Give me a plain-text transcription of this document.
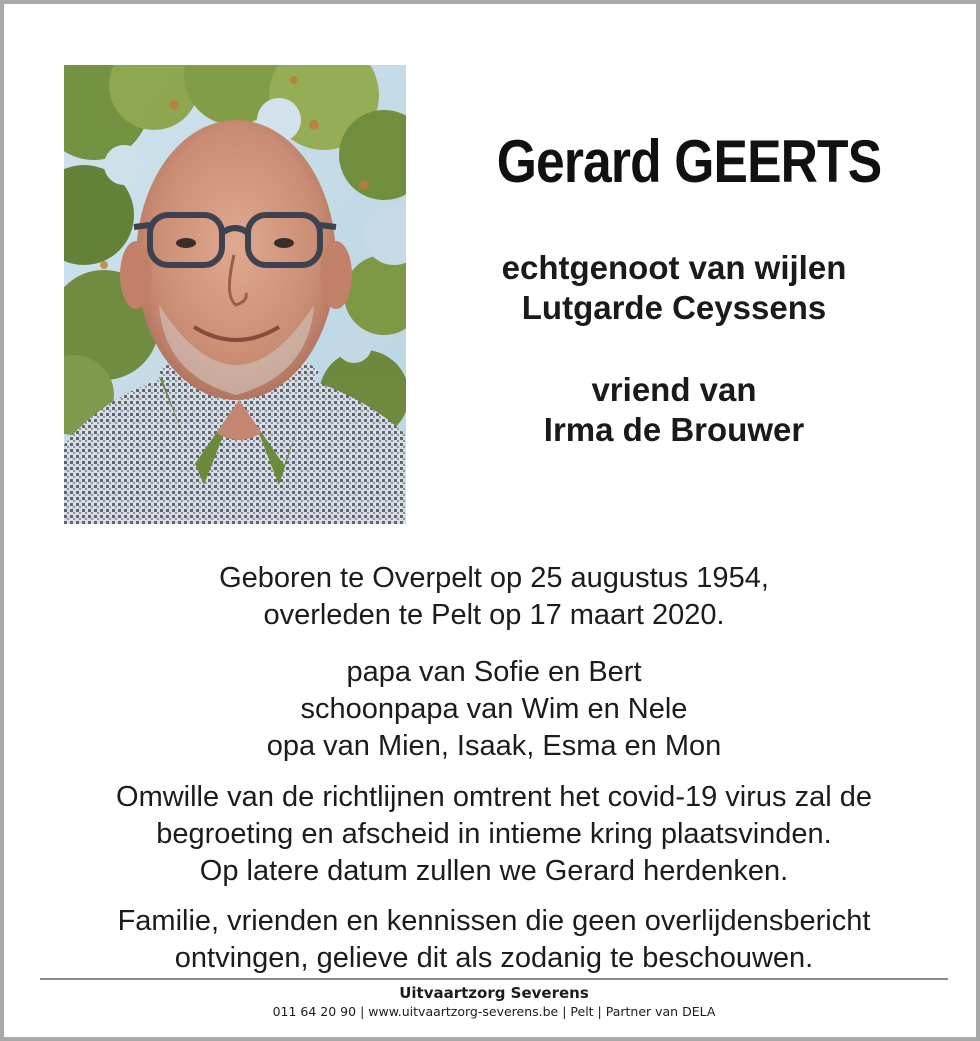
Gerard GEERTS
echtgenoot van wijlen
Lutgarde Ceyssens
vriend van
Irma de Brouwer
Geboren te Overpelt op 25 augustus 1954,
overleden te Pelt op 17 maart 2020.
papa van Sofie en Bert
schoonpapa van Wim en Nele
opa van Mien, Isaak, Esma en Mon
Omwille van de richtlijnen omtrent het covid-19 virus zal de
begroeting en afscheid in intieme kring plaatsvinden.
Op latere datum zullen we Gerard herdenken.
Familie, vrienden en kennissen die geen overlijdensbericht
ontvingen, gelieve dit als zodanig te beschouwen.
Uitvaartzorg Severens
011 64 20 90 | www.uitvaartzorg-severens.be | Pelt | Partner van DELA
